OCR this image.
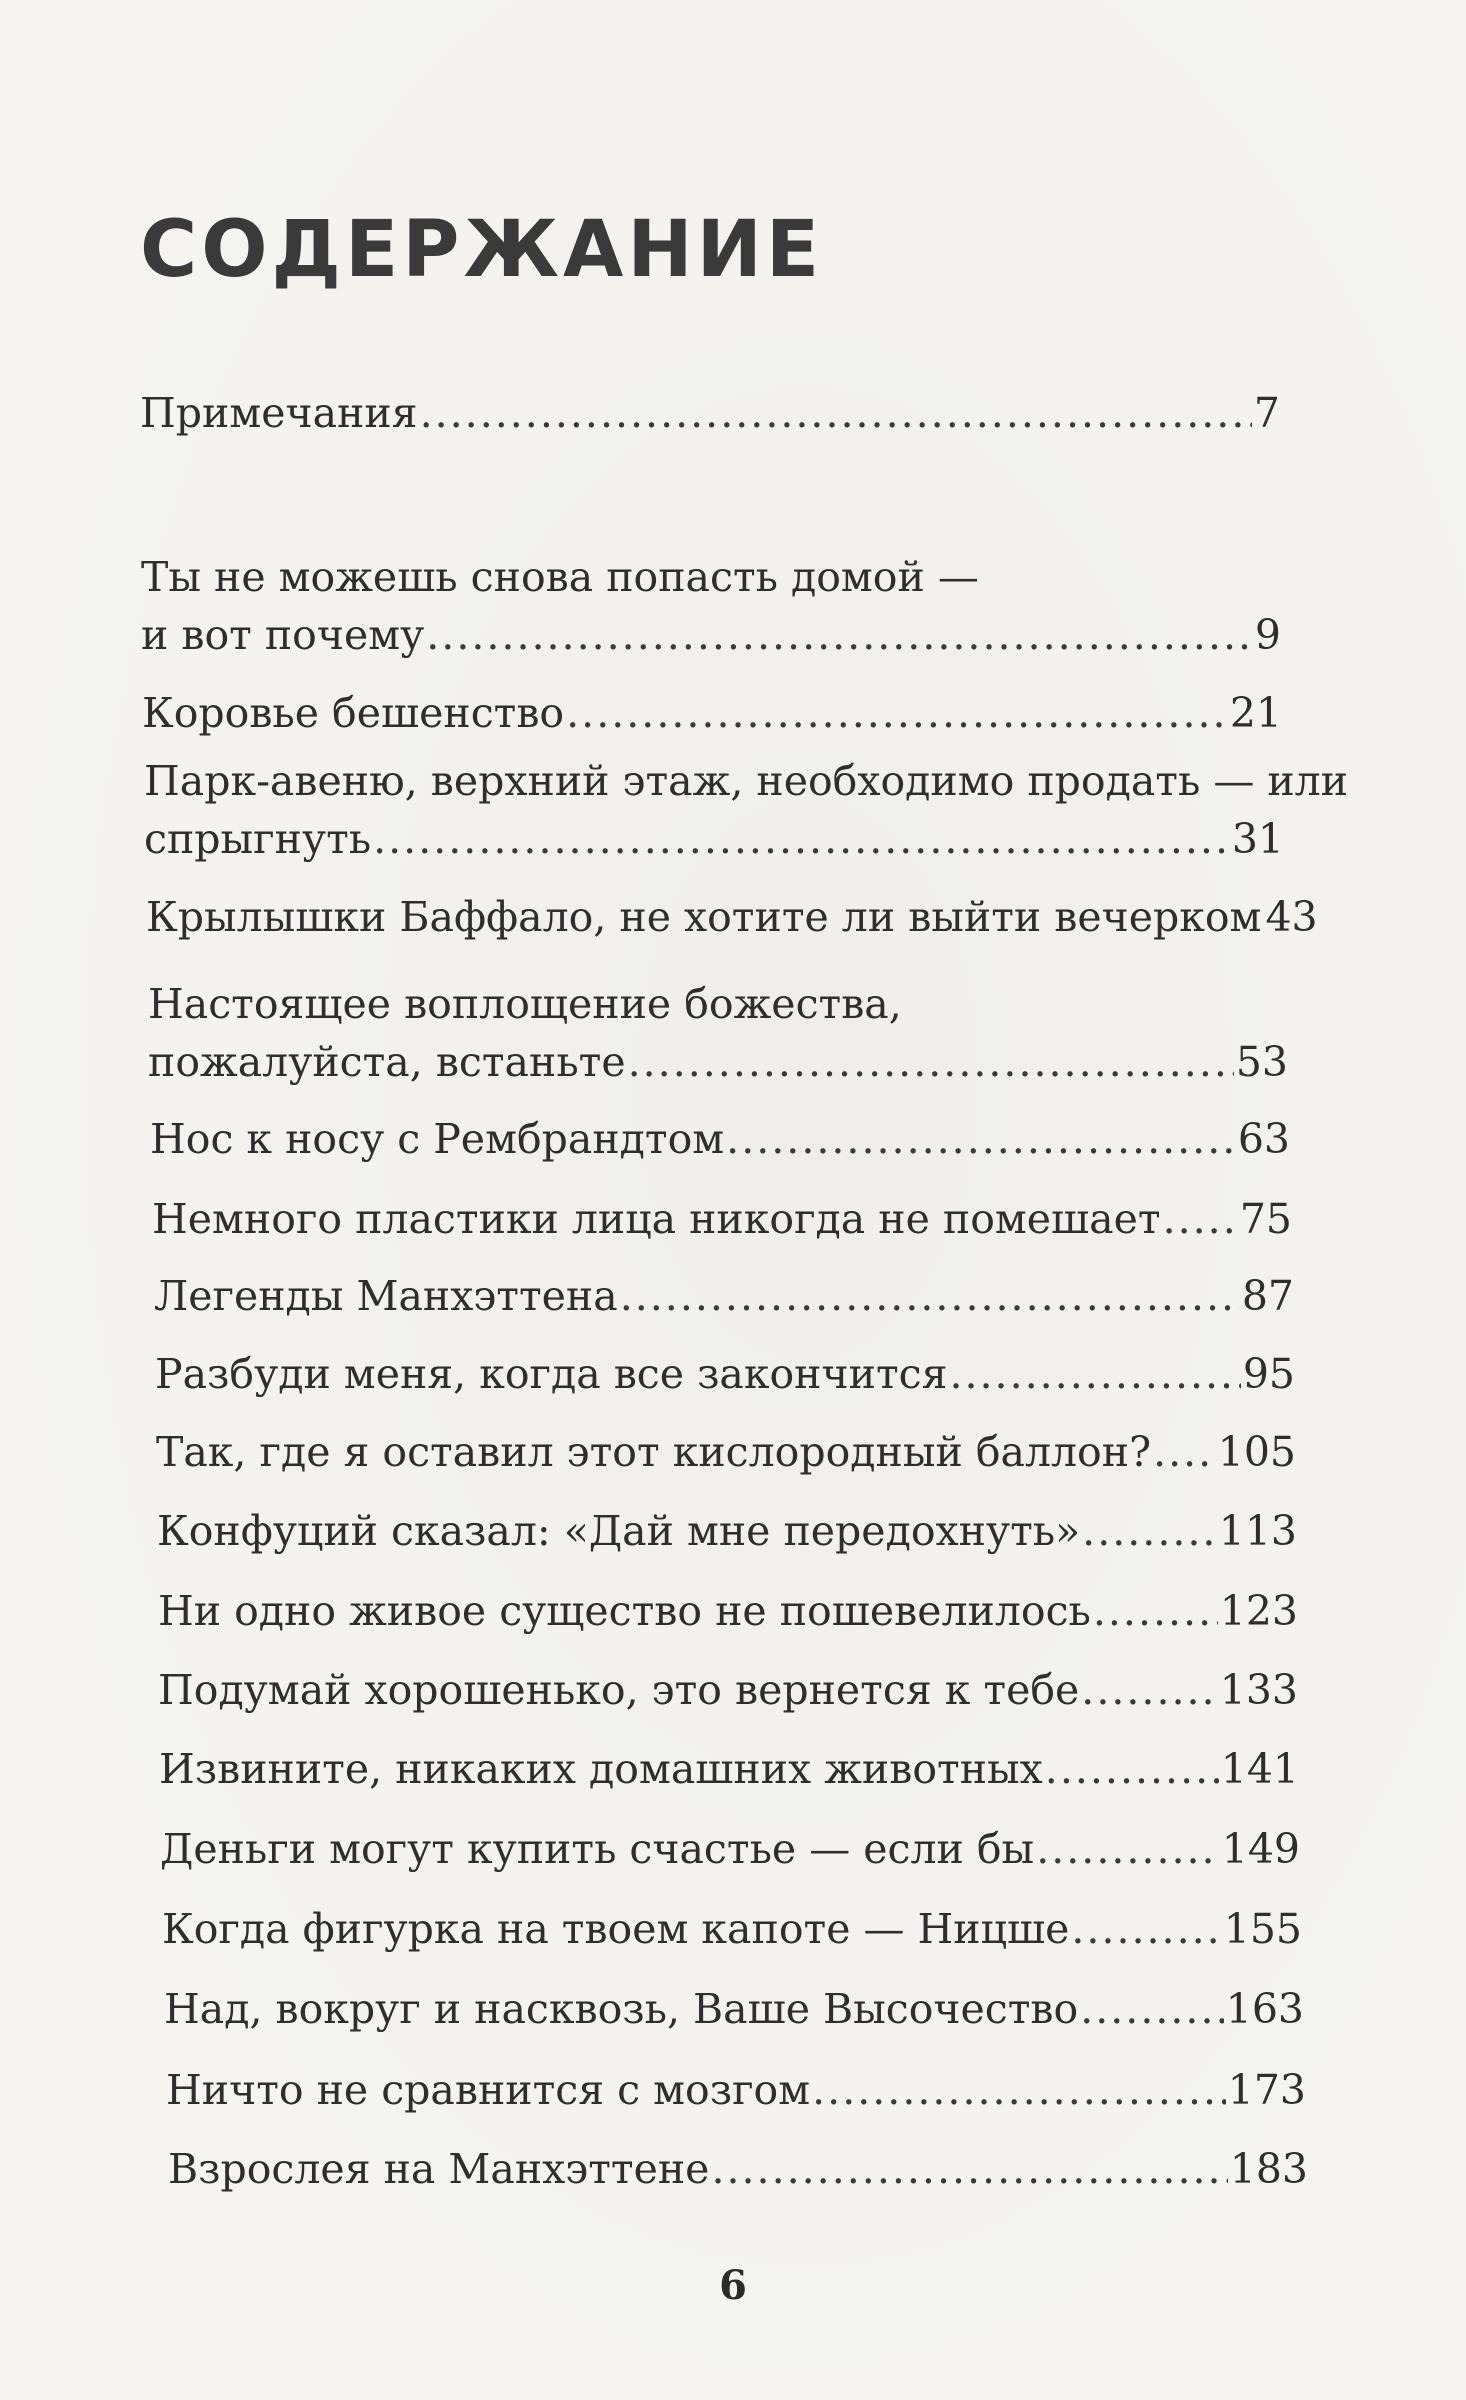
СОДЕРЖАНИЕ
Примечания .....	7
Ты не можешь снова попасть домой —
и вот почему .....	9
Коровье бешенство .....	21
Парк-авеню, верхний этаж, необходимо продать — или
спрыгнуть .....	31
Крылышки Баффало, не хотите ли выйти вечерком 43
Настоящее воплощение божества,
пожалуйста, встаньте .....	53
Нос к носу с Рембрандтом .....	63
Немного пластики лица никогда не помешает ..... 75
Легенды Манхэттена .....	87
Разбуди меня, когда все закончится .....	95
Так, где я оставил этот кислородный баллон? ..... 105
Конфуций сказал: «Дай мне передохнуть» .....	113
Ни одно живое существо не пошевелилось .....	123
Подумай хорошенько, это вернется к тебе .....	133
Извините, никаких домашних животных .....	141
Деньги могут купить счастье — если бы .....	149
Когда фигурка на твоем капоте — Ницше .....	155
Над, вокруг и насквозь, Ваше Высочество .....	163
Ничто не сравнится с мозгом .....	173
Взрослея на Манхэттене .....	183
6
